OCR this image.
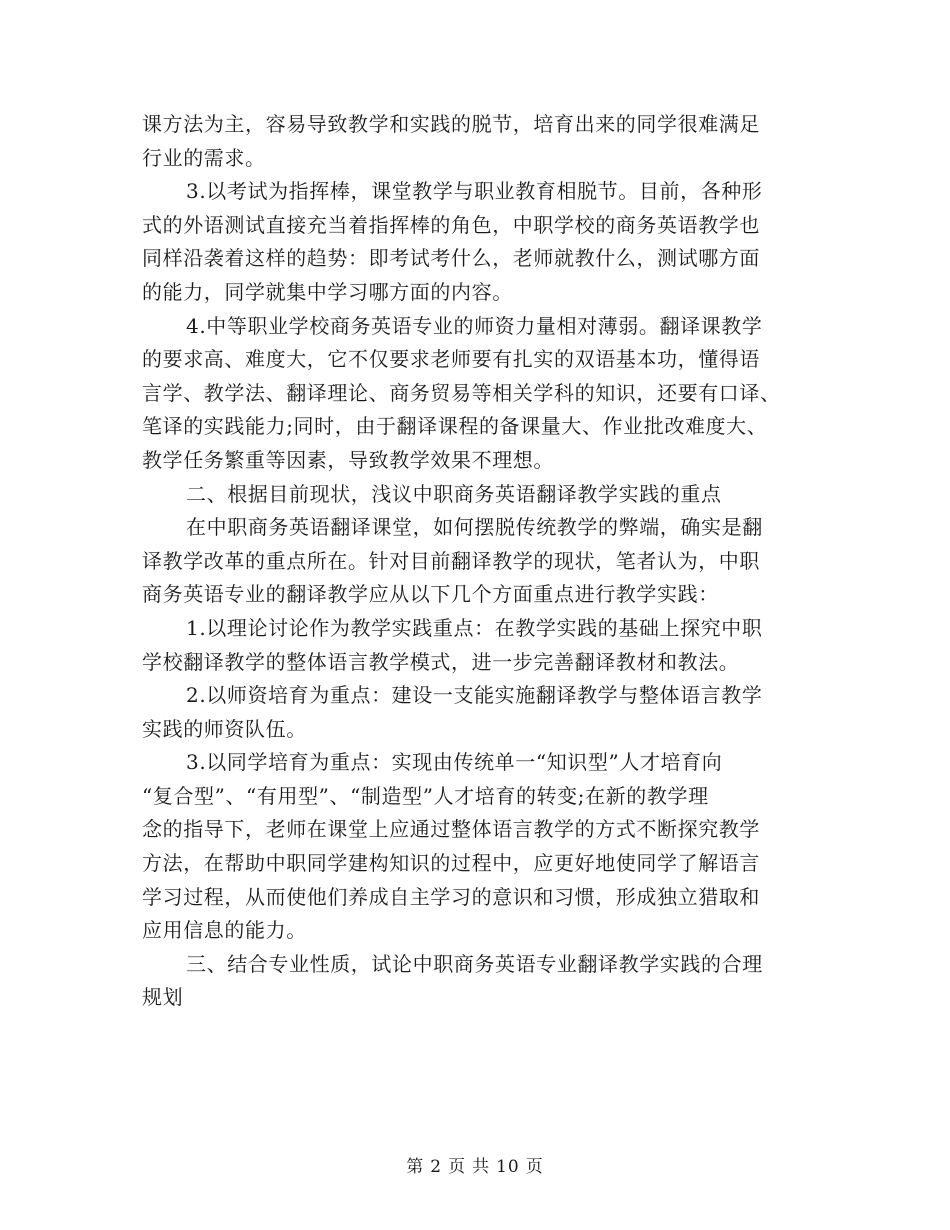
课方法为主，容易导致教学和实践的脱节，培育出来的同学很难满足
行业的需求。

3.以考试为指挥棒，课堂教学与职业教育相脱节。目前，各种形
式的外语测试直接充当着指挥棒的角色，中职学校的商务英语教学也
同样沿袭着这样的趋势：即考试考什么，老师就教什么，测试哪方面
的能力，同学就集中学习哪方面的内容。

4.中等职业学校商务英语专业的师资力量相对薄弱。翻译课教学
的要求高、难度大，它不仅要求老师要有扎实的双语基本功，懂得语
言学、教学法、翻译理论、商务贸易等相关学科的知识，还要有口译、
笔译的实践能力;同时，由于翻译课程的备课量大、作业批改难度大、
教学任务繁重等因素，导致教学效果不理想。

二、根据目前现状，浅议中职商务英语翻译教学实践的重点

在中职商务英语翻译课堂，如何摆脱传统教学的弊端，确实是翻
译教学改革的重点所在。针对目前翻译教学的现状，笔者认为，中职
商务英语专业的翻译教学应从以下几个方面重点进行教学实践：

1.以理论讨论作为教学实践重点：在教学实践的基础上探究中职
学校翻译教学的整体语言教学模式，进一步完善翻译教材和教法。

2.以师资培育为重点：建设一支能实施翻译教学与整体语言教学
实践的师资队伍。

3.以同学培育为重点：实现由传统单一“知识型”人才培育向
“复合型”、“有用型”、“制造型”人才培育的转变;在新的教学理
念的指导下，老师在课堂上应通过整体语言教学的方式不断探究教学
方法，在帮助中职同学建构知识的过程中，应更好地使同学了解语言
学习过程，从而使他们养成自主学习的意识和习惯，形成独立猎取和
应用信息的能力。

三、结合专业性质，试论中职商务英语专业翻译教学实践的合理
规划

第 2 页 共 10 页
